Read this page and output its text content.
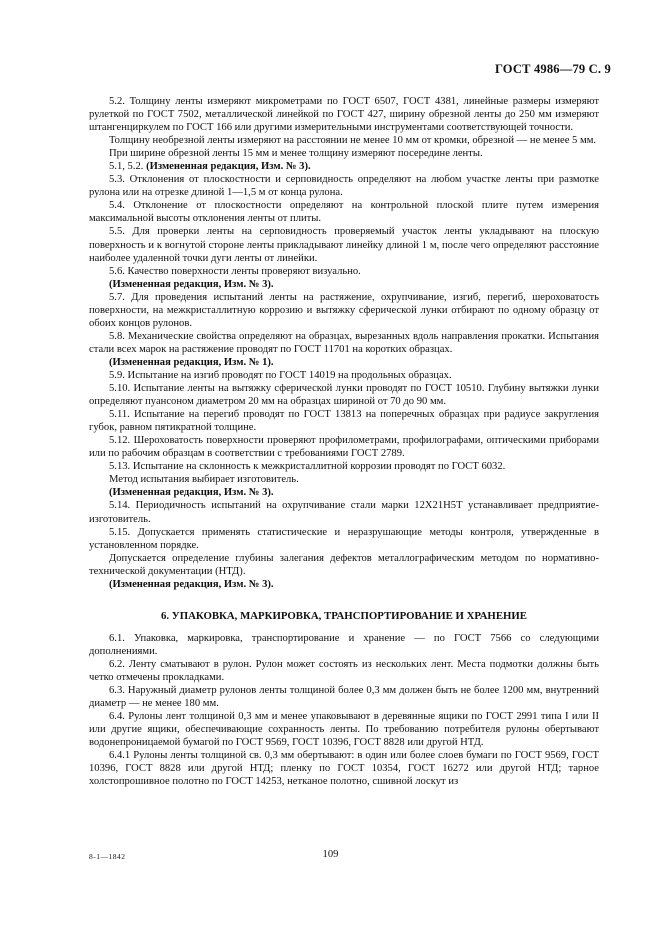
ГОСТ 4986—79 С. 9

5.2. Толщину ленты измеряют микрометрами по ГОСТ 6507, ГОСТ 4381, линейные размеры измеряют рулеткой по ГОСТ 7502, металлической линейкой по ГОСТ 427, ширину обрезной ленты до 250 мм измеряют штангенциркулем по ГОСТ 166 или другими измерительными инструментами соответствующей точности.

Толщину необрезной ленты измеряют на расстоянии не менее 10 мм от кромки, обрезной — не менее 5 мм.

При ширине обрезной ленты 15 мм и менее толщину измеряют посередине ленты.

5.1, 5.2. (Измененная редакция, Изм. № 3).

5.3. Отклонения от плоскостности и серповидность определяют на любом участке ленты при размотке рулона или на отрезке длиной 1—1,5 м от конца рулона.

5.4. Отклонение от плоскостности определяют на контрольной плоской плите путем измерения максимальной высоты отклонения ленты от плиты.

5.5. Для проверки ленты на серповидность проверяемый участок ленты укладывают на плоскую поверхность и к вогнутой стороне ленты прикладывают линейку длиной 1 м, после чего определяют расстояние наиболее удаленной точки дуги ленты от линейки.

5.6. Качество поверхности ленты проверяют визуально.

(Измененная редакция, Изм. № 3).

5.7. Для проведения испытаний ленты на растяжение, охрупчивание, изгиб, перегиб, шероховатость поверхности, на межкристаллитную коррозию и вытяжку сферической лунки отбирают по одному образцу от обоих концов рулонов.

5.8. Механические свойства определяют на образцах, вырезанных вдоль направления прокатки. Испытания стали всех марок на растяжение проводят по ГОСТ 11701 на коротких образцах.

(Измененная редакция, Изм. № 1).

5.9. Испытание на изгиб проводят по ГОСТ 14019 на продольных образцах.

5.10. Испытание ленты на вытяжку сферической лунки проводят по ГОСТ 10510. Глубину вытяжки лунки определяют пуансоном диаметром 20 мм на образцах шириной от 70 до 90 мм.

5.11. Испытание на перегиб проводят по ГОСТ 13813 на поперечных образцах при радиусе закругления губок, равном пятикратной толщине.

5.12. Шероховатость поверхности проверяют профилометрами, профилографами, оптическими приборами или по рабочим образцам в соответствии с требованиями ГОСТ 2789.

5.13. Испытание на склонность к межкристаллитной коррозии проводят по ГОСТ 6032.

Метод испытания выбирает изготовитель.

(Измененная редакция, Изм. № 3).

5.14. Периодичность испытаний на охрупчивание стали марки 12Х21Н5Т устанавливает предприятие-изготовитель.

5.15. Допускается применять статистические и неразрушающие методы контроля, утвержденные в установленном порядке.

Допускается определение глубины залегания дефектов металлографическим методом по нормативно-технической документации (НТД).

(Измененная редакция, Изм. № 3).

6. УПАКОВКА, МАРКИРОВКА, ТРАНСПОРТИРОВАНИЕ И ХРАНЕНИЕ

6.1. Упаковка, маркировка, транспортирование и хранение — по ГОСТ 7566 со следующими дополнениями.

6.2. Ленту сматывают в рулон. Рулон может состоять из нескольких лент. Места подмотки должны быть четко отмечены прокладками.

6.3. Наружный диаметр рулонов ленты толщиной более 0,3 мм должен быть не более 1200 мм, внутренний диаметр — не менее 180 мм.

6.4. Рулоны лент толщиной 0,3 мм и менее упаковывают в деревянные ящики по ГОСТ 2991 типа I или II или другие ящики, обеспечивающие сохранность ленты. По требованию потребителя рулоны обертывают водонепроницаемой бумагой по ГОСТ 9569, ГОСТ 10396, ГОСТ 8828 или другой НТД.

6.4.1 Рулоны ленты толщиной св. 0,3 мм обертывают: в один или более слоев бумаги по ГОСТ 9569, ГОСТ 10396, ГОСТ 8828 или другой НТД; пленку по ГОСТ 10354, ГОСТ 16272 или другой НТД; тарное холстопрошивное полотно по ГОСТ 14253, нетканое полотно, сшивной лоскут из

8-1—1842	109
